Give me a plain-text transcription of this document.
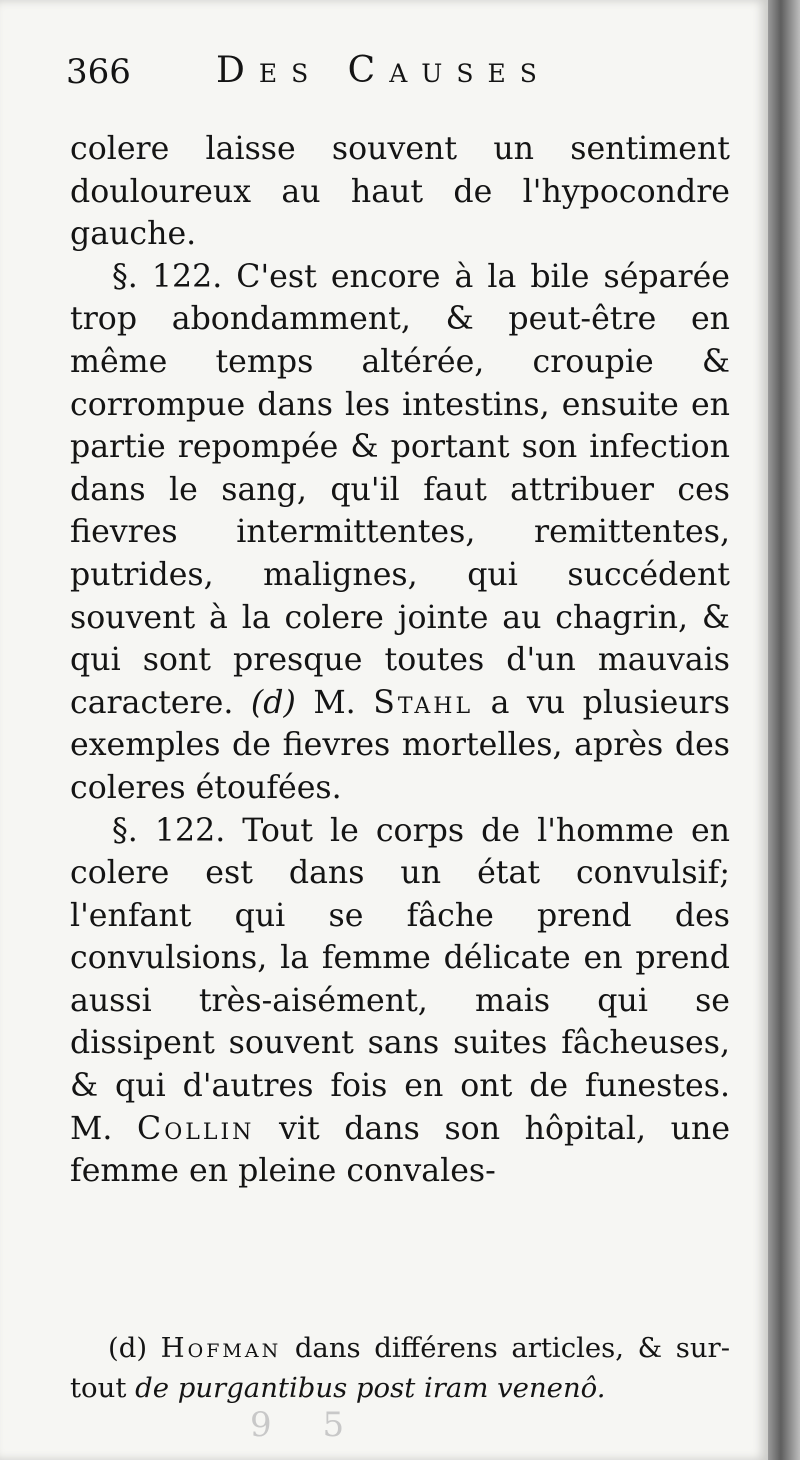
366 Des Causes

colere laisse souvent un sentiment douloureux au haut de l'hypocondre gauche.

§. 122. C'est encore à la bile séparée trop abondamment, & peut-être en même temps altérée, croupie & corrompue dans les intestins, ensuite en partie repompée & portant son infection dans le sang, qu'il faut attribuer ces fievres intermittentes, remittentes, putrides, malignes, qui succédent souvent à la colere jointe au chagrin, & qui sont presque toutes d'un mauvais caractere. (d) M. Stahl a vu plusieurs exemples de fievres mortelles, après des coleres étoufées.

§. 122. Tout le corps de l'homme en colere est dans un état convulsif; l'enfant qui se fâche prend des convulsions, la femme délicate en prend aussi très-aisément, mais qui se dissipent souvent sans suites fâcheuses, & qui d'autres fois en ont de funestes. M. Collin vit dans son hôpital, une femme en pleine convales-

(d) Hofman dans différens articles, & sur-tout de purgantibus post iram venenô.

9 5
